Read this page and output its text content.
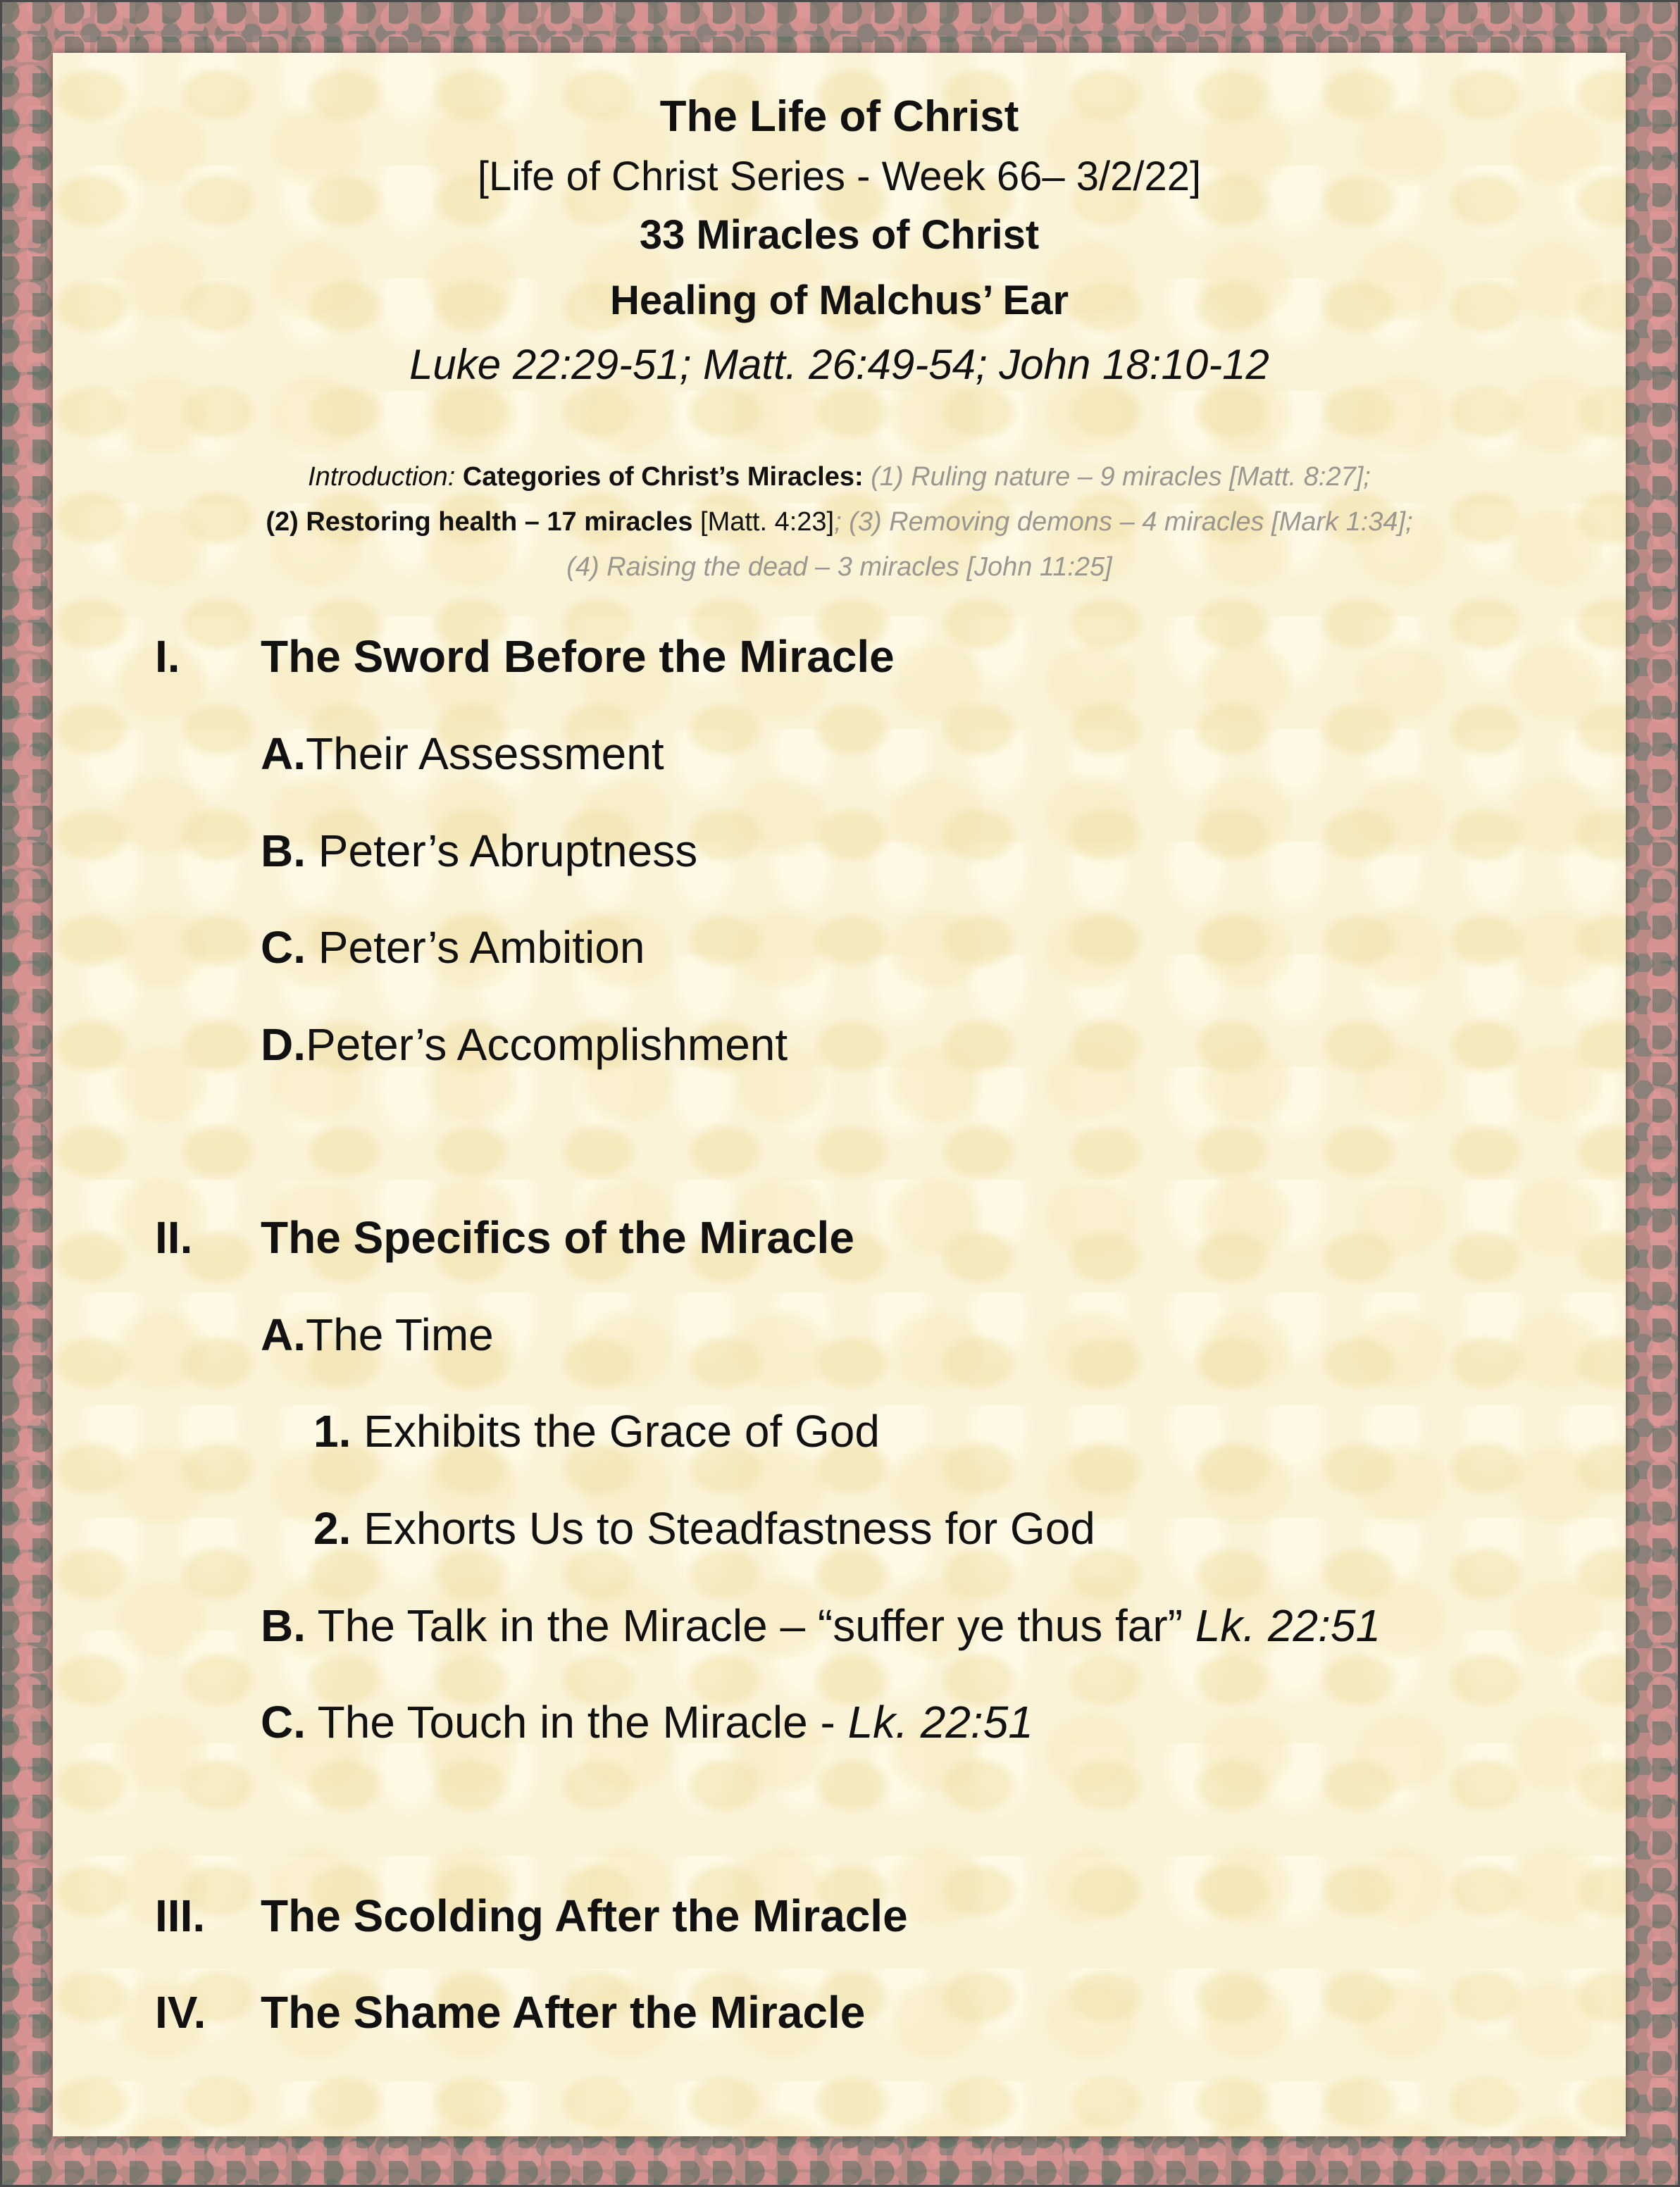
The Life of Christ
[Life of Christ Series - Week 66– 3/2/22]
33 Miracles of Christ
Healing of Malchus’ Ear
Luke 22:29-51; Matt. 26:49-54; John 18:10-12
Introduction: Categories of Christ’s Miracles: (1) Ruling nature – 9 miracles [Matt. 8:27];
(2) Restoring health – 17 miracles [Matt. 4:23]; (3) Removing demons – 4 miracles [Mark 1:34];
(4) Raising the dead – 3 miracles [John 11:25]
I. The Sword Before the Miracle
A.Their Assessment
B. Peter’s Abruptness
C. Peter’s Ambition
D.Peter’s Accomplishment
II. The Specifics of the Miracle
A.The Time
1. Exhibits the Grace of God
2. Exhorts Us to Steadfastness for God
B. The Talk in the Miracle – “suffer ye thus far” Lk. 22:51
C. The Touch in the Miracle - Lk. 22:51
III. The Scolding After the Miracle
IV. The Shame After the Miracle
